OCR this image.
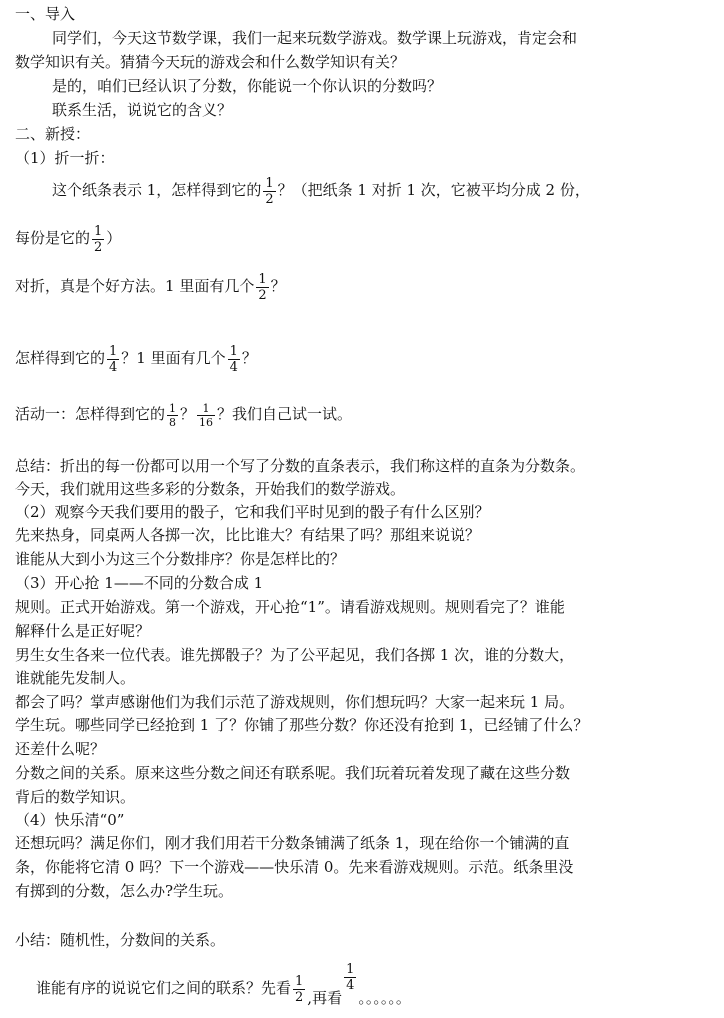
一、导入
同学们，今天这节数学课，我们一起来玩数学游戏。数学课上玩游戏，肯定会和
数学知识有关。猜猜今天玩的游戏会和什么数学知识有关？
是的，咱们已经认识了分数，你能说一个你认识的分数吗？
联系生活，说说它的含义？
二、新授：
（1）折一折：
这个纸条表示 1，怎样得到它的 $\frac{1}{2}$ ？（把纸条 1 对折 1 次，它被平均分成 2 份，
每份是它的 $\frac{1}{2}$ ）
对折，真是个好方法。1 里面有几个 $\frac{1}{2}$ ？
怎样得到它的 $\frac{1}{4}$ ？1 里面有几个 $\frac{1}{4}$ ？
活动一：怎样得到它的 $\frac{1}{8}$ ？ $\frac{1}{16}$ ？我们自己试一试。
总结：折出的每一份都可以用一个写了分数的直条表示，我们称这样的直条为分数条。
今天，我们就用这些多彩的分数条，开始我们的数学游戏。
（2）观察今天我们要用的骰子，它和我们平时见到的骰子有什么区别？
先来热身，同桌两人各掷一次，比比谁大？有结果了吗？那组来说说？
谁能从大到小为这三个分数排序？你是怎样比的？
（3）开心抢 1——不同的分数合成 1
规则。正式开始游戏。第一个游戏，开心抢“1”。请看游戏规则。规则看完了？谁能
解释什么是正好呢？
男生女生各来一位代表。谁先掷骰子？为了公平起见，我们各掷 1 次，谁的分数大，
谁就能先发制人。
都会了吗？掌声感谢他们为我们示范了游戏规则，你们想玩吗？大家一起来玩 1 局。
学生玩。哪些同学已经抢到 1 了？你铺了那些分数？你还没有抢到 1，已经铺了什么？
还差什么呢？
分数之间的关系。原来这些分数之间还有联系呢。我们玩着玩着发现了藏在这些分数
背后的数学知识。
（4）快乐清“0”
还想玩吗？满足你们，刚才我们用若干分数条铺满了纸条 1，现在给你一个铺满的直
条，你能将它清 0 吗？下一个游戏——快乐清 0。先来看游戏规则。示范。纸条里没
有掷到的分数，怎么办?学生玩。
小结：随机性，分数间的关系。
谁能有序的说说它们之间的联系？先看 $\frac{1}{2}$ ,再看
$\frac{1}{4}$
。。。。。。
